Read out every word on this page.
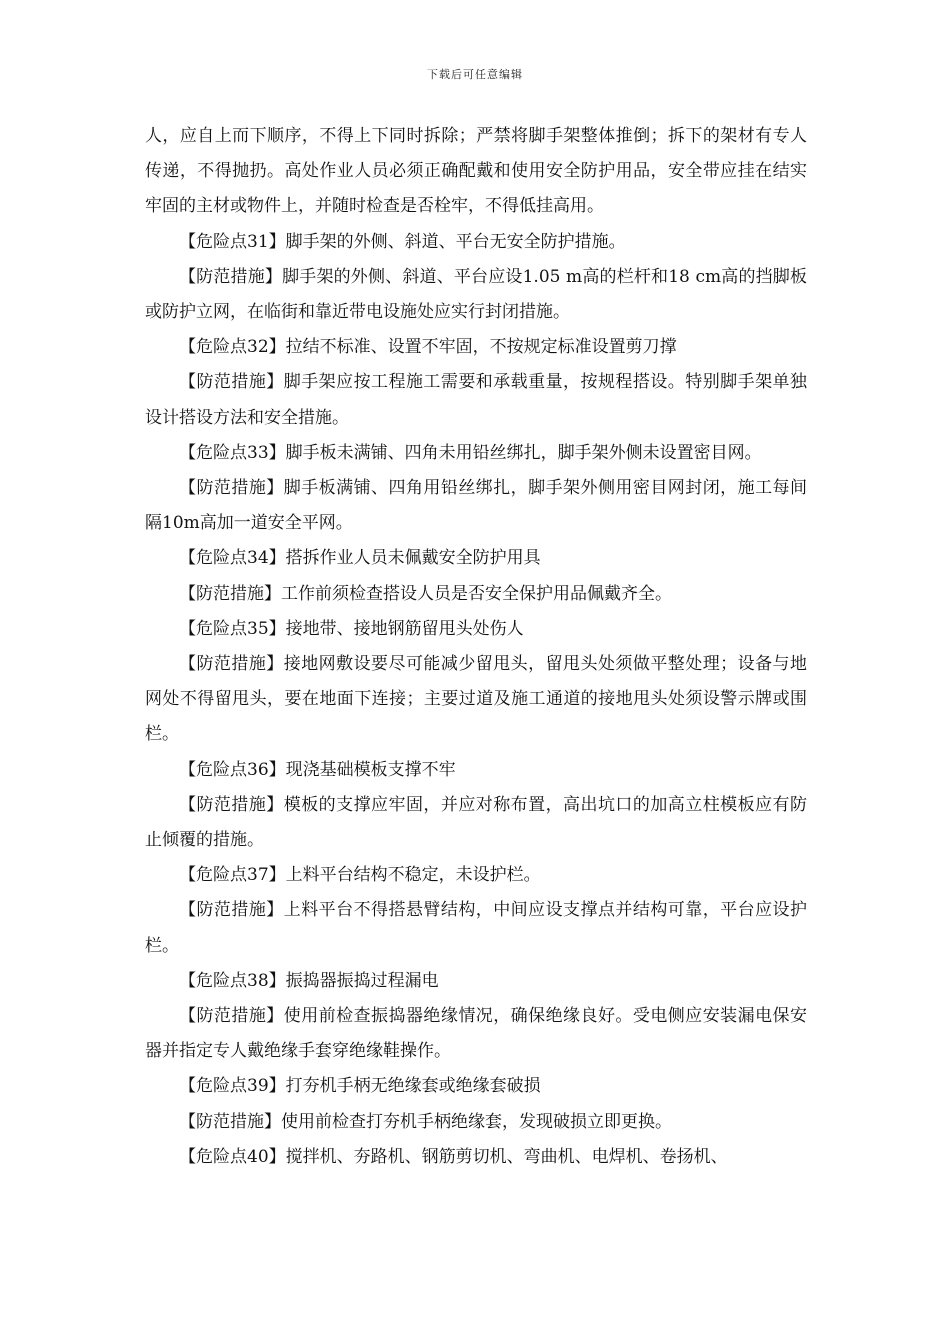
下载后可任意编辑

人，应自上而下顺序，不得上下同时拆除；严禁将脚手架整体推倒；拆下的架材有专人传递，不得抛扔。高处作业人员必须正确配戴和使用安全防护用品，安全带应挂在结实牢固的主材或物件上，并随时检查是否栓牢，不得低挂高用。

【危险点31】脚手架的外侧、斜道、平台无安全防护措施。

【防范措施】脚手架的外侧、斜道、平台应设1.05 m高的栏杆和18 cm高的挡脚板或防护立网，在临街和靠近带电设施处应实行封闭措施。

【危险点32】拉结不标准、设置不牢固，不按规定标准设置剪刀撑

【防范措施】脚手架应按工程施工需要和承载重量，按规程搭设。特别脚手架单独设计搭设方法和安全措施。

【危险点33】脚手板未满铺、四角未用铅丝绑扎，脚手架外侧未设置密目网。

【防范措施】脚手板满铺、四角用铅丝绑扎，脚手架外侧用密目网封闭，施工每间隔10m高加一道安全平网。

【危险点34】搭拆作业人员未佩戴安全防护用具

【防范措施】工作前须检查搭设人员是否安全保护用品佩戴齐全。

【危险点35】接地带、接地钢筋留甩头处伤人

【防范措施】接地网敷设要尽可能减少留甩头，留甩头处须做平整处理；设备与地网处不得留甩头，要在地面下连接；主要过道及施工通道的接地甩头处须设警示牌或围栏。

【危险点36】现浇基础模板支撑不牢

【防范措施】模板的支撑应牢固，并应对称布置，高出坑口的加高立柱模板应有防止倾覆的措施。

【危险点37】上料平台结构不稳定，未设护栏。

【防范措施】上料平台不得搭悬臂结构，中间应设支撑点并结构可靠，平台应设护栏。

【危险点38】振捣器振捣过程漏电

【防范措施】使用前检查振捣器绝缘情况，确保绝缘良好。受电侧应安装漏电保安器并指定专人戴绝缘手套穿绝缘鞋操作。

【危险点39】打夯机手柄无绝缘套或绝缘套破损

【防范措施】使用前检查打夯机手柄绝缘套，发现破损立即更换。

【危险点40】搅拌机、夯路机、钢筋剪切机、弯曲机、电焊机、卷扬机、
